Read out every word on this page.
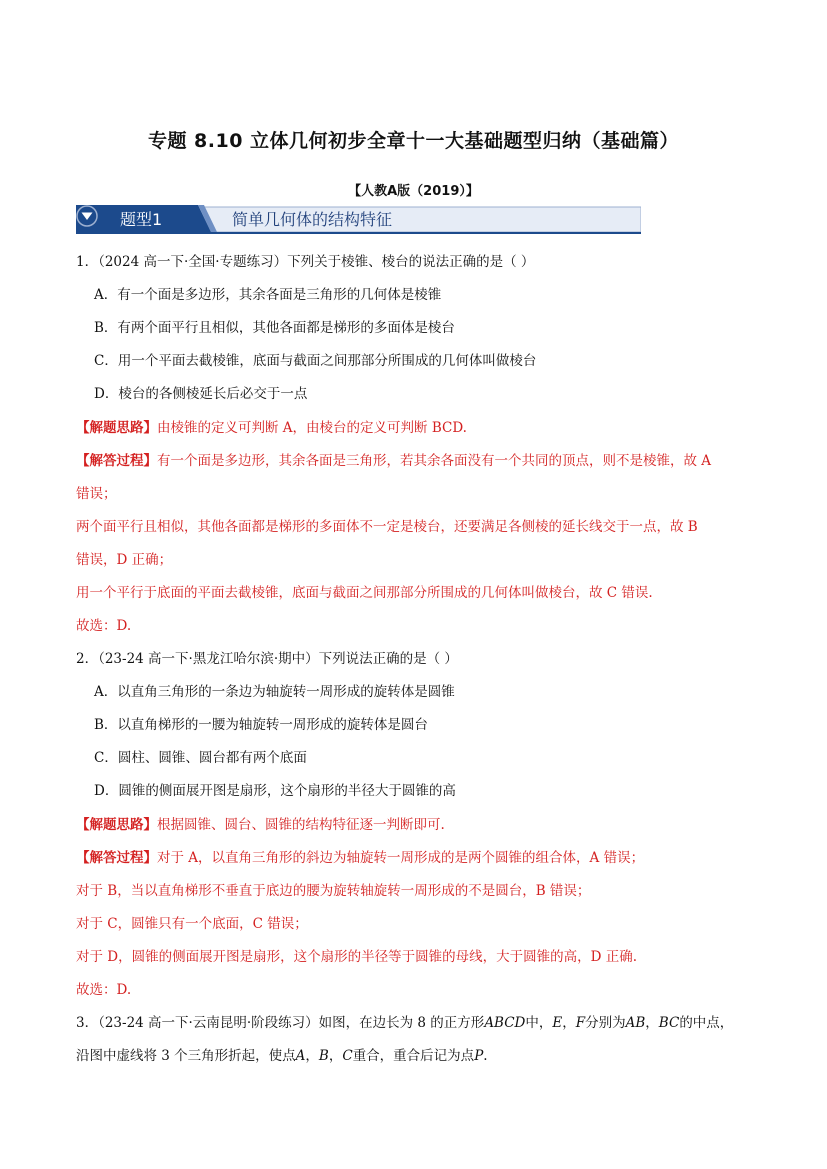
专题 8.10 立体几何初步全章十一大基础题型归纳（基础篇）
【人教A版（2019）】
题型1	简单几何体的结构特征
1．（2024 高一下·全国·专题练习）下列关于棱锥、棱台的说法正确的是（ ）
A．有一个面是多边形，其余各面是三角形的几何体是棱锥
B．有两个面平行且相似，其他各面都是梯形的多面体是棱台
C．用一个平面去截棱锥，底面与截面之间那部分所围成的几何体叫做棱台
D．棱台的各侧棱延长后必交于一点
【解题思路】由棱锥的定义可判断 A，由棱台的定义可判断 BCD.
【解答过程】有一个面是多边形，其余各面是三角形，若其余各面没有一个共同的顶点，则不是棱锥，故 A
错误；
两个面平行且相似，其他各面都是梯形的多面体不一定是棱台，还要满足各侧棱的延长线交于一点，故 B
错误，D 正确；
用一个平行于底面的平面去截棱锥，底面与截面之间那部分所围成的几何体叫做棱台，故 C 错误.
故选：D.
2．（23-24 高一下·黑龙江哈尔滨·期中）下列说法正确的是（ ）
A．以直角三角形的一条边为轴旋转一周形成的旋转体是圆锥
B．以直角梯形的一腰为轴旋转一周形成的旋转体是圆台
C．圆柱、圆锥、圆台都有两个底面
D．圆锥的侧面展开图是扇形，这个扇形的半径大于圆锥的高
【解题思路】根据圆锥、圆台、圆锥的结构特征逐一判断即可.
【解答过程】对于 A，以直角三角形的斜边为轴旋转一周形成的是两个圆锥的组合体，A 错误；
对于 B，当以直角梯形不垂直于底边的腰为旋转轴旋转一周形成的不是圆台，B 错误；
对于 C，圆锥只有一个底面，C 错误；
对于 D，圆锥的侧面展开图是扇形，这个扇形的半径等于圆锥的母线，大于圆锥的高，D 正确.
故选：D.
3．（23-24 高一下·云南昆明·阶段练习）如图，在边长为 8 的正方形ABCD中，E，F分别为AB，BC的中点，
沿图中虚线将 3 个三角形折起，使点A，B，C重合，重合后记为点P.
